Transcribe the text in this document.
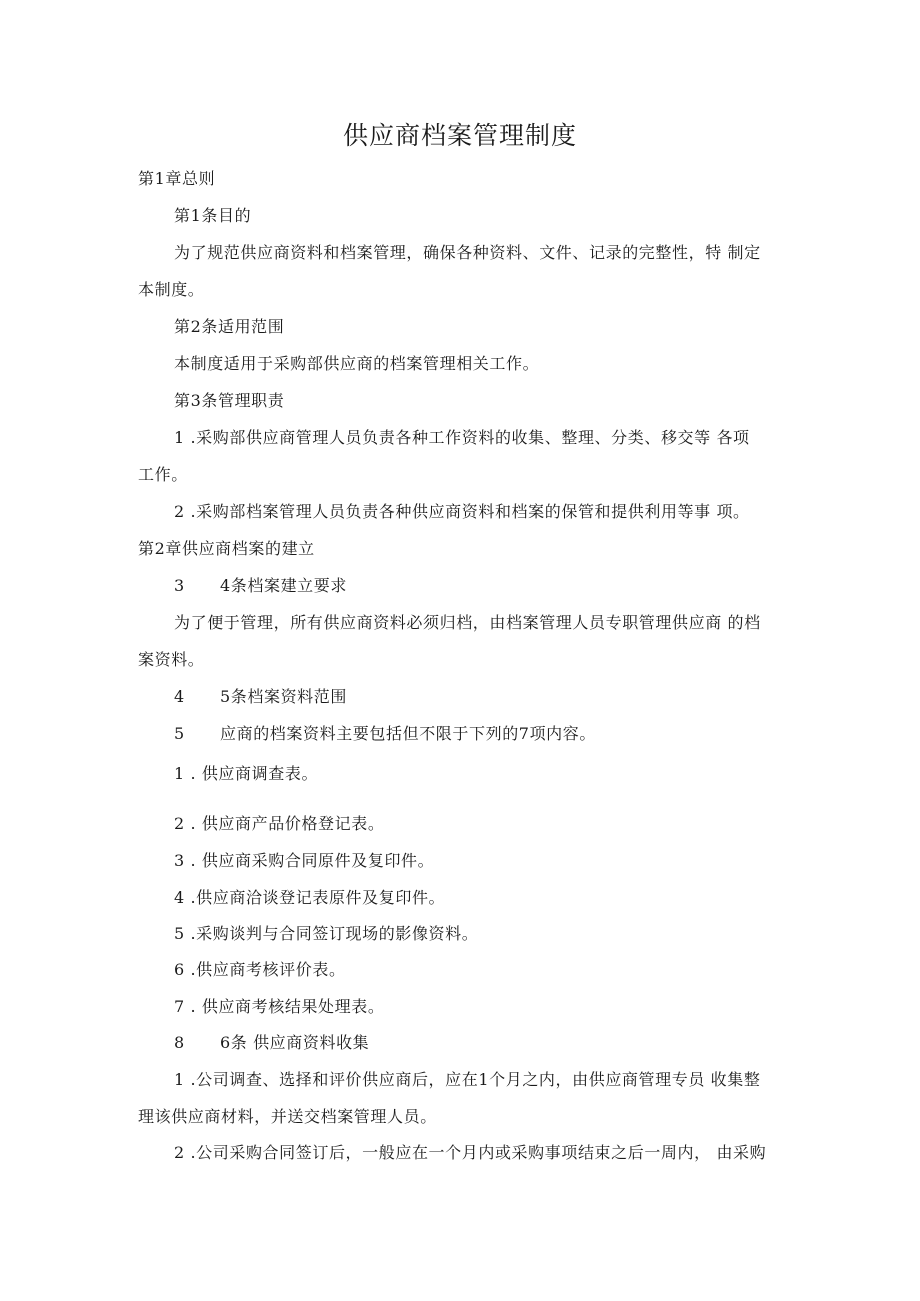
供应商档案管理制度
第1章总则
第1条目的
为了规范供应商资料和档案管理，确保各种资料、文件、记录的完整性，特 制定
本制度。
第2条适用范围
本制度适用于采购部供应商的档案管理相关工作。
第3条管理职责
1 .采购部供应商管理人员负责各种工作资料的收集、整理、分类、移交等 各项
工作。
2 .采购部档案管理人员负责各种供应商资料和档案的保管和提供利用等事 项。
第2章供应商档案的建立
3 4条档案建立要求
为了便于管理，所有供应商资料必须归档，由档案管理人员专职管理供应商 的档
案资料。
4 5条档案资料范围
5 应商的档案资料主要包括但不限于下列的7项内容。
1 . 供应商调查表。
2 . 供应商产品价格登记表。
3 . 供应商采购合同原件及复印件。
4 .供应商洽谈登记表原件及复印件。
5 .采购谈判与合同签订现场的影像资料。
6 .供应商考核评价表。
7 . 供应商考核结果处理表。
8 6条 供应商资料收集
1 .公司调查、选择和评价供应商后，应在1个月之内，由供应商管理专员 收集整
理该供应商材料，并送交档案管理人员。
2 .公司采购合同签订后，一般应在一个月内或采购事项结束之后一周内， 由采购
